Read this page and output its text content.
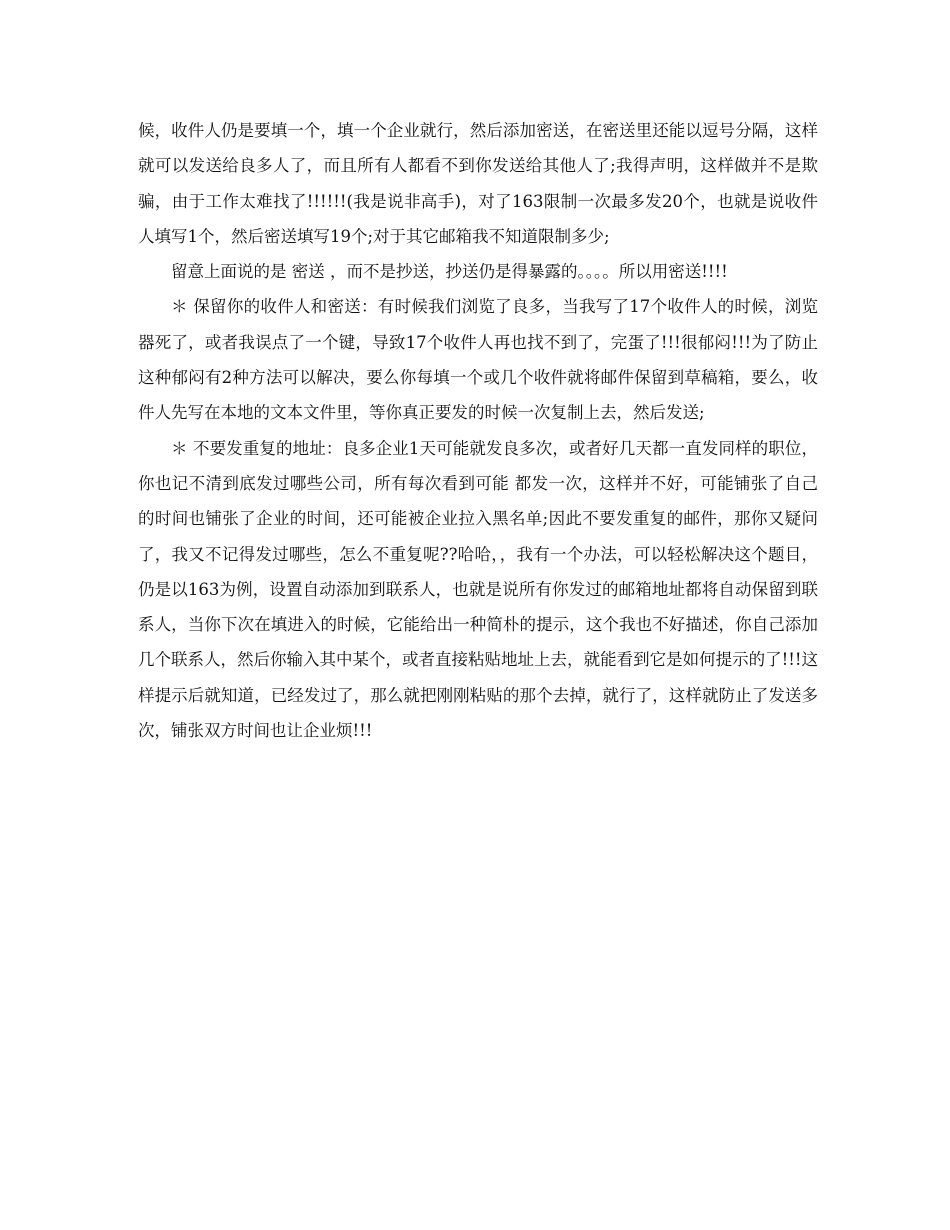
候，收件人仍是要填一个，填一个企业就行，然后添加密送，在密送里还能以逗号分隔，这样就可以发送给良多人了，而且所有人都看不到你发送给其他人了;我得声明，这样做并不是欺骗，由于工作太难找了!!!!!!(我是说非高手)，对了163限制一次最多发20个，也就是说收件人填写1个，然后密送填写19个;对于其它邮箱我不知道限制多少;

留意上面说的是 密送 ，而不是抄送，抄送仍是得暴露的。。。。所以用密送!!!!

＊ 保留你的收件人和密送：有时候我们浏览了良多，当我写了17个收件人的时候，浏览器死了，或者我误点了一个键，导致17个收件人再也找不到了，完蛋了!!!很郁闷!!!为了防止这种郁闷有2种方法可以解决，要么你每填一个或几个收件就将邮件保留到草稿箱，要么，收件人先写在本地的文本文件里，等你真正要发的时候一次复制上去，然后发送;

＊ 不要发重复的地址：良多企业1天可能就发良多次，或者好几天都一直发同样的职位，你也记不清到底发过哪些公司，所有每次看到可能 都发一次，这样并不好，可能铺张了自己的时间也铺张了企业的时间，还可能被企业拉入黑名单;因此不要发重复的邮件，那你又疑问了，我又不记得发过哪些，怎么不重复呢??哈哈，，我有一个办法，可以轻松解决这个题目，仍是以163为例，设置自动添加到联系人，也就是说所有你发过的邮箱地址都将自动保留到联系人，当你下次在填进入的时候，它能给出一种简朴的提示，这个我也不好描述，你自己添加几个联系人，然后你输入其中某个，或者直接粘贴地址上去，就能看到它是如何提示的了!!!这样提示后就知道，已经发过了，那么就把刚刚粘贴的那个去掉，就行了，这样就防止了发送多次，铺张双方时间也让企业烦!!!
